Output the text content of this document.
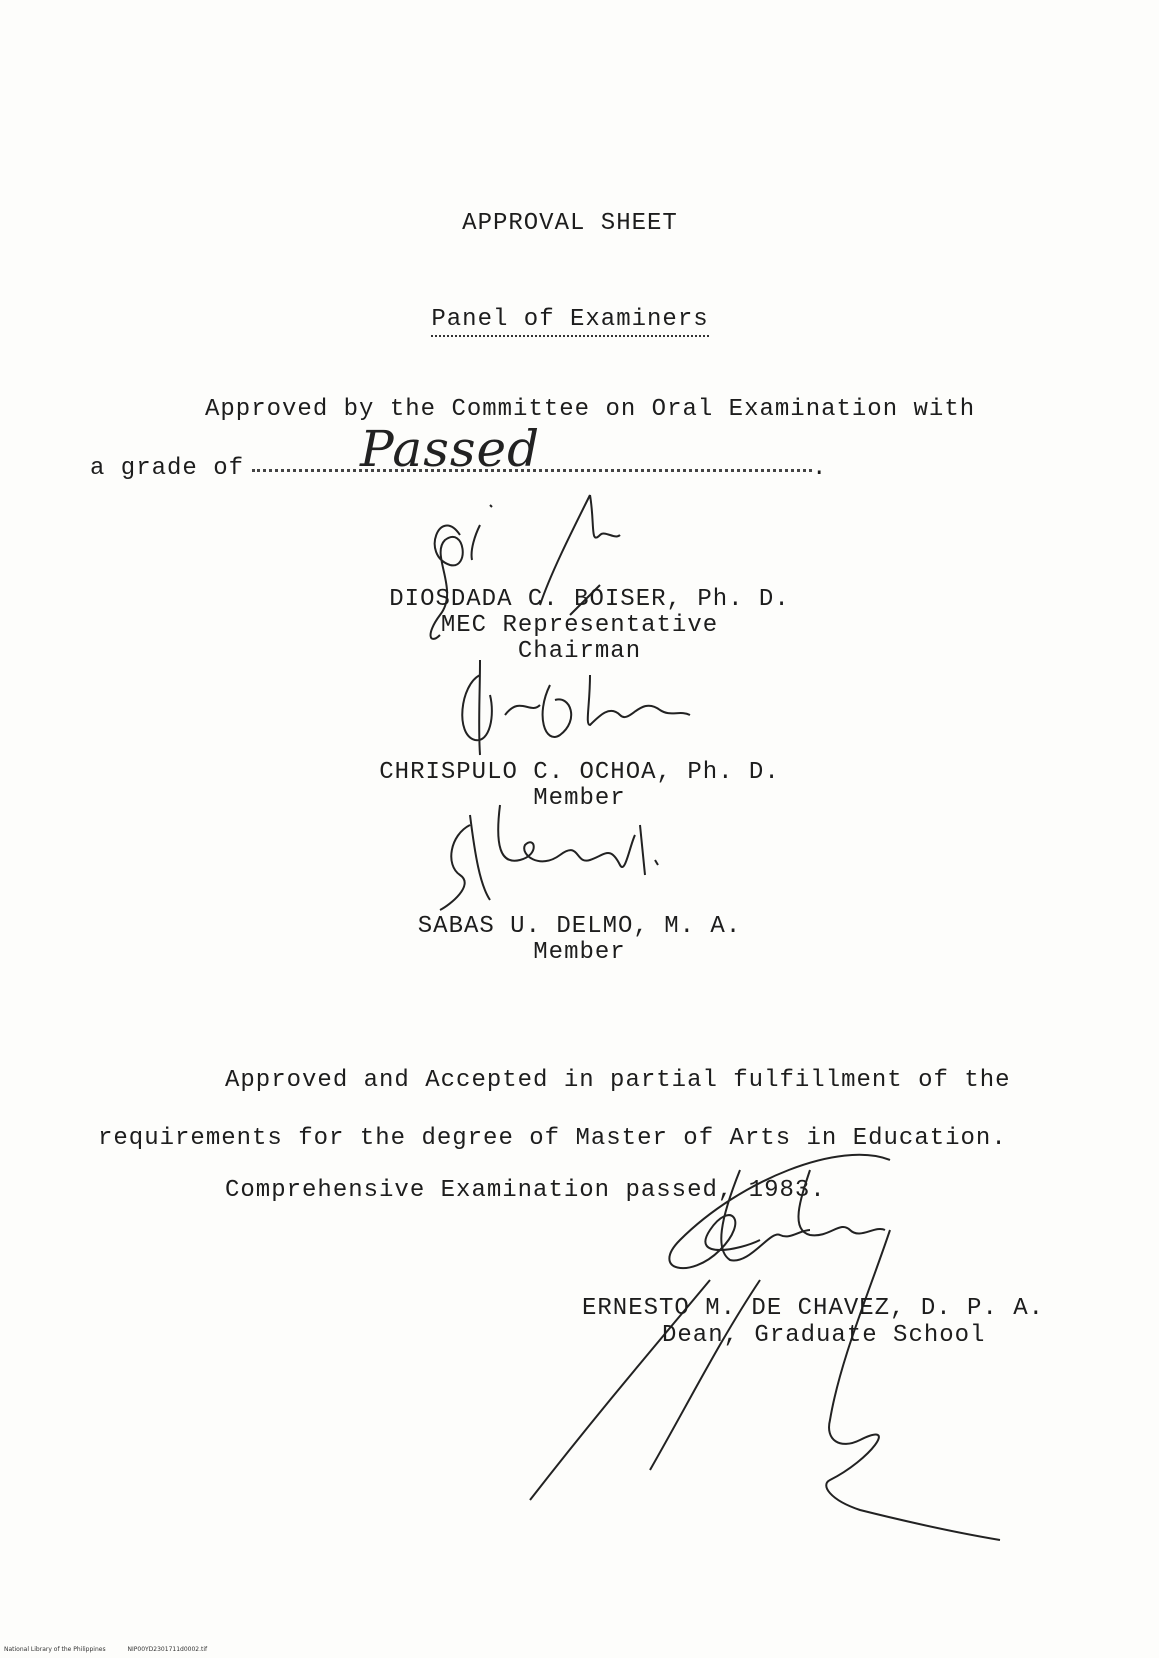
APPROVAL SHEET
Panel of Examiners
Approved by the Committee on Oral Examination with
a grade of	.
Passed
DIOSDADA C. BOISER, Ph. D.
MEC Representative
Chairman
CHRISPULO C. OCHOA, Ph. D.
Member
SABAS U. DELMO, M. A.
Member
Approved and Accepted in partial fulfillment of the
requirements for the degree of Master of Arts in Education.
Comprehensive Examination passed, 1983.
ERNESTO M. DE CHAVEZ, D. P. A.
Dean, Graduate School
National Library of the Philippines	NIP00YD2301711d0002.tif
